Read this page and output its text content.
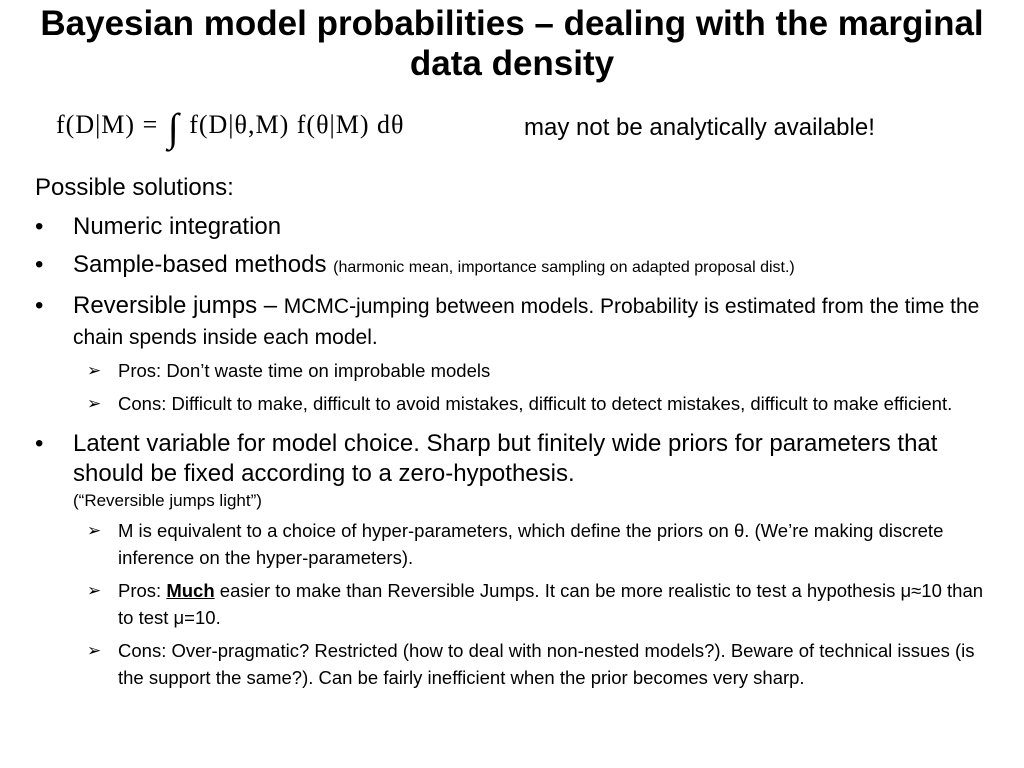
Bayesian model probabilities – dealing with the marginal data density
f(D|M) = ∫ f(D|θ,M) f(θ|M) dθ	may not be analytically available!
Possible solutions:
• Numeric integration
• Sample-based methods (harmonic mean, importance sampling on adapted proposal dist.)
• Reversible jumps – MCMC-jumping between models. Probability is estimated from the time the chain spends inside each model.
➢ Pros: Don’t waste time on improbable models
➢ Cons: Difficult to make, difficult to avoid mistakes, difficult to detect mistakes, difficult to make efficient.
• Latent variable for model choice. Sharp but finitely wide priors for parameters that should be fixed according to a zero-hypothesis.
(“Reversible jumps light”)
➢ M is equivalent to a choice of hyper-parameters, which define the priors on θ. (We’re making discrete inference on the hyper-parameters).
➢ Pros: Much easier to make than Reversible Jumps. It can be more realistic to test a hypothesis μ≈10 than to test μ=10.
➢ Cons: Over-pragmatic? Restricted (how to deal with non-nested models?). Beware of technical issues (is the support the same?). Can be fairly inefficient when the prior becomes very sharp.
